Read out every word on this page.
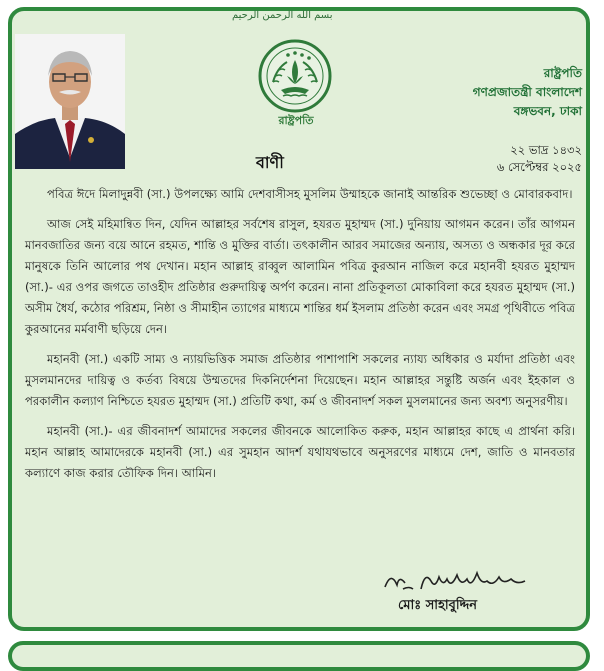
بسم الله الرحمن الرحيم
রাষ্ট্রপতি
রাষ্ট্রপতি
গণপ্রজাতন্ত্রী বাংলাদেশ
বঙ্গভবন, ঢাকা
২২ ভাদ্র ১৪৩২
৬ সেপ্টেম্বর ২০২৫
বাণী

পবিত্র ঈদে মিলাদুন্নবী (সা.) উপলক্ষ্যে আমি দেশবাসীসহ মুসলিম উম্মাহকে জানাই আন্তরিক শুভেচ্ছা ও মোবারকবাদ।

আজ সেই মহিমান্বিত দিন, যেদিন আল্লাহর সর্বশেষ রাসুল, হযরত মুহাম্মদ (সা.) দুনিয়ায় আগমন করেন। তাঁর আগমন মানবজাতির জন্য বয়ে আনে রহমত, শান্তি ও মুক্তির বার্তা। তৎকালীন আরব সমাজের অন্যায়, অসত্য ও অন্ধকার দূর করে মানুষকে তিনি আলোর পথ দেখান। মহান আল্লাহ রাব্বুল আলামিন পবিত্র কুরআন নাজিল করে মহানবী হযরত মুহাম্মদ (সা.)- এর ওপর জগতে তাওহীদ প্রতিষ্ঠার গুরুদায়িত্ব অর্পণ করেন। নানা প্রতিকূলতা মোকাবিলা করে হযরত মুহাম্মদ (সা.) অসীম ধৈর্য, কঠোর পরিশ্রম, নিষ্ঠা ও সীমাহীন ত্যাগের মাধ্যমে শান্তির ধর্ম ইসলাম প্রতিষ্ঠা করেন এবং সমগ্র পৃথিবীতে পবিত্র কুরআনের মর্মবাণী ছড়িয়ে দেন।

মহানবী (সা.) একটি সাম্য ও ন্যায়ভিত্তিক সমাজ প্রতিষ্ঠার পাশাপাশি সকলের ন্যায্য অধিকার ও মর্যাদা প্রতিষ্ঠা এবং মুসলমানদের দায়িত্ব ও কর্তব্য বিষয়ে উম্মতদের দিকনির্দেশনা দিয়েছেন। মহান আল্লাহর সন্তুষ্টি অর্জন এবং ইহকাল ও পরকালীন কল্যাণ নিশ্চিতে হযরত মুহাম্মদ (সা.) প্রতিটি কথা, কর্ম ও জীবনাদর্শ সকল মুসলমানের জন্য অবশ্য অনুসরণীয়।

মহানবী (সা.)- এর জীবনাদর্শ আমাদের সকলের জীবনকে আলোকিত করুক, মহান আল্লাহর কাছে এ প্রার্থনা করি। মহান আল্লাহ আমাদেরকে মহানবী (সা.) এর সুমহান আদর্শ যথাযথভাবে অনুসরণের মাধ্যমে দেশ, জাতি ও মানবতার কল্যাণে কাজ করার তৌফিক দিন। আমিন।

মোঃ সাহাবুদ্দিন
